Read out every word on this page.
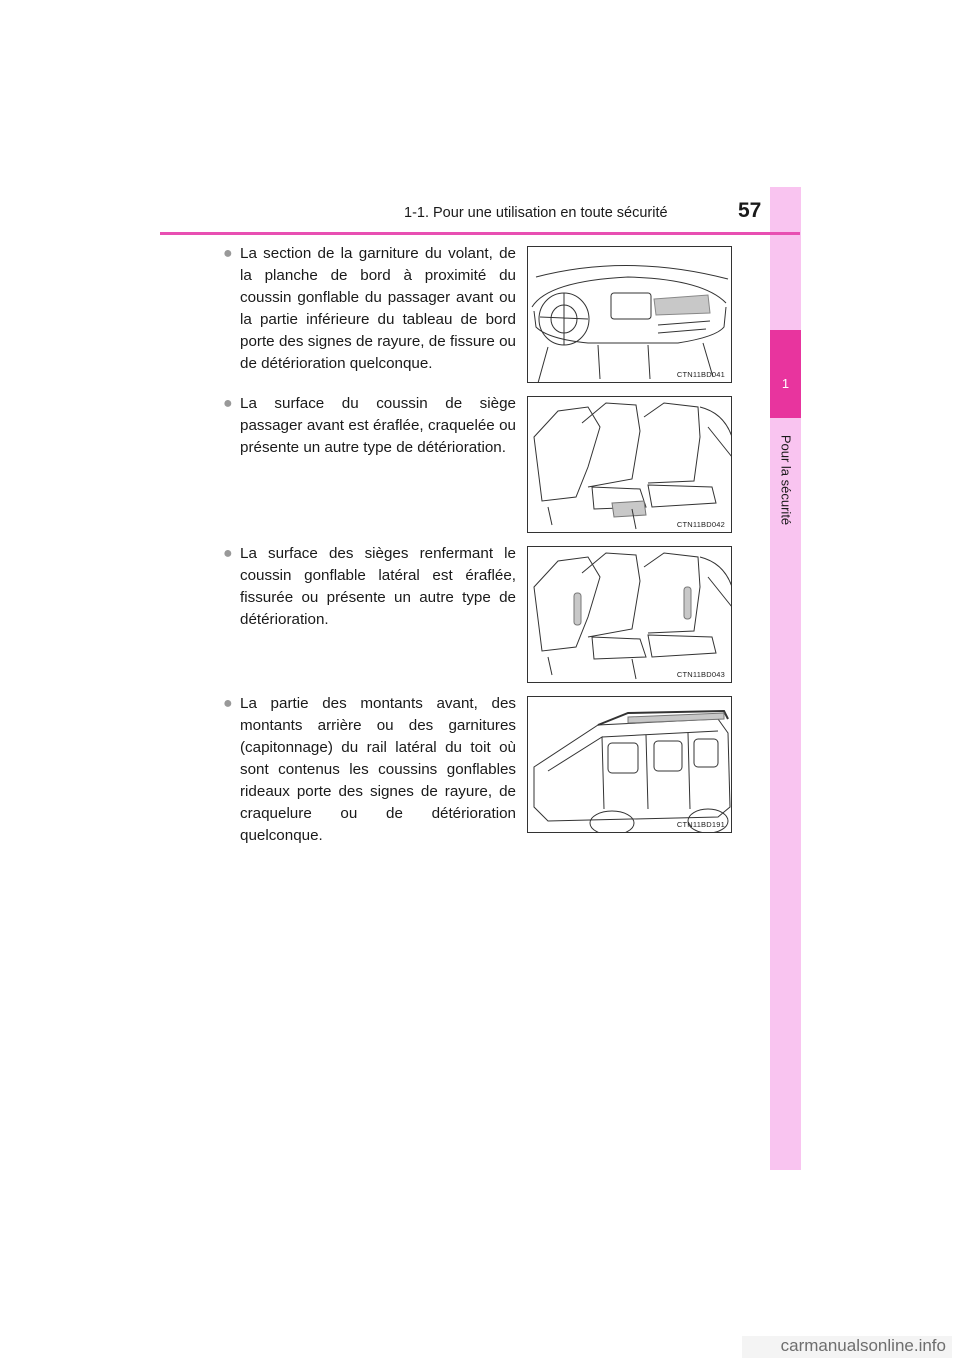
1
Pour la sécurité
1-1. Pour une utilisation en toute sécurité	57
● La section de la garniture du volant, de la planche de bord à proximité du coussin gonflable du passager avant ou la partie inférieure du tableau de bord porte des signes de rayure, de fissure ou de détérioration quelconque.
CTN11BD041
● La surface du coussin de siège passager avant est éraflée, craquelée ou présente un autre type de détérioration.
CTN11BD042
● La surface des sièges renfermant le coussin gonflable latéral est éraflée, fissurée ou présente un autre type de détérioration.
CTN11BD043
● La partie des montants avant, des montants arrière ou des garnitures (capitonnage) du rail latéral du toit où sont contenus les coussins gonflables rideaux porte des signes de rayure, de craquelure ou de détérioration quelconque.
CTN11BD191
carmanualsonline.info
